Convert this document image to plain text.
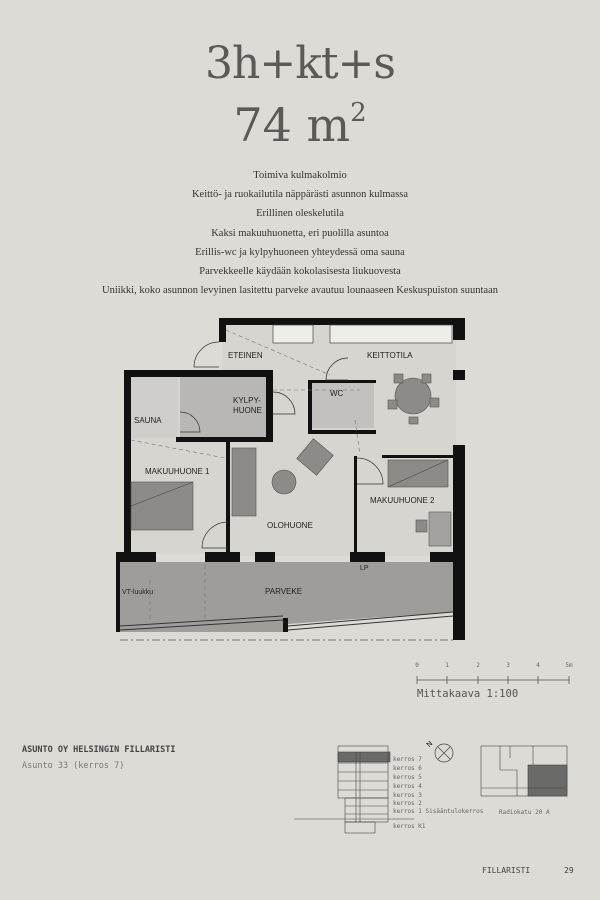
3h+kt+s
74 $m^2$
Toimiva kulmakolmio
Keittö- ja ruokailutila näppärästi asunnon kulmassa
Erillinen oleskelutila
Kaksi makuuhuonetta, eri puolilla asuntoa
Erillis-wc ja kylpyhuoneen yhteydessä oma sauna
Parvekkeelle käydään kokolasisesta liukuovesta
Uniikki, koko asunnon levyinen lasitettu parveke avautuu lounaaseen Keskuspuiston suuntaan
ETEINEN	KEITTOTILA
KYLPY-
HUONE
WC
SAUNA
MAKUUHUONE 1
MAKUUHUONE 2
OLOHUONE
PARVEKE
VT-luukku
LP
0	1	2	3	4	5m
Mittakaava 1:100
kerros 7
kerros 6
kerros 5
kerros 4
kerros 3
kerros 2
kerros 1 Sisääntulokerros
kerros K1
N
Radiokatu 20 A
ASUNTO OY HELSINGIN FILLARISTI
Asunto 33 (kerros 7)
FILLARISTI	29
